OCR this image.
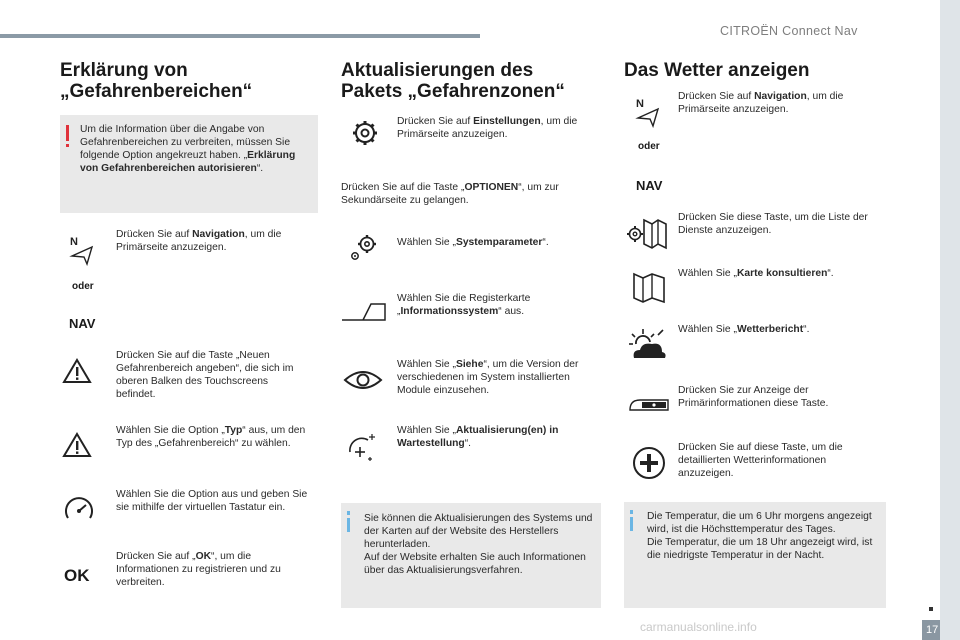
CITROËN Connect Nav
17
carmanualsonline.info
Erklärung von
„Gefahrenbereichen“
Um die Information über die Angabe von Gefahrenbereichen zu verbreiten, müssen Sie folgende Option angekreuzt haben. „Erklärung von Gefahrenbereichen autorisieren“.
N
Drücken Sie auf Navigation, um die Primärseite anzuzeigen.
oder
NAV
Drücken Sie auf die Taste „Neuen Gefahrenbereich angeben“, die sich im oberen Balken des Touchscreens befindet.
Wählen Sie die Option „Typ“ aus, um den Typ des „Gefahrenbereich“ zu wählen.
Wählen Sie die Option aus und geben Sie sie mithilfe der virtuellen Tastatur ein.
OK
Drücken Sie auf „OK“, um die Informationen zu registrieren und zu verbreiten.
Aktualisierungen des
Pakets „Gefahrenzonen“
Drücken Sie auf Einstellungen, um die Primärseite anzuzeigen.
Drücken Sie auf die Taste „OPTIONEN“, um zur Sekundärseite zu gelangen.
Wählen Sie „Systemparameter“.
Wählen Sie die Registerkarte „Informationssystem“ aus.
Wählen Sie „Siehe“, um die Version der verschiedenen im System installierten Module einzusehen.
Wählen Sie „Aktualisierung(en) in Wartestellung“.
Sie können die Aktualisierungen des Systems und der Karten auf der Website des Herstellers herunterladen.
Auf der Website erhalten Sie auch Informationen über das Aktualisierungsverfahren.
Das Wetter anzeigen
N
Drücken Sie auf Navigation, um die Primärseite anzuzeigen.
oder
NAV
Drücken Sie diese Taste, um die Liste der Dienste anzuzeigen.
Wählen Sie „Karte konsultieren“.
Wählen Sie „Wetterbericht“.
Drücken Sie zur Anzeige der Primärinformationen diese Taste.
Drücken Sie auf diese Taste, um die detaillierten Wetterinformationen anzuzeigen.
Die Temperatur, die um 6 Uhr morgens angezeigt wird, ist die Höchsttemperatur des Tages.
Die Temperatur, die um 18 Uhr angezeigt wird, ist die niedrigste Temperatur in der Nacht.
